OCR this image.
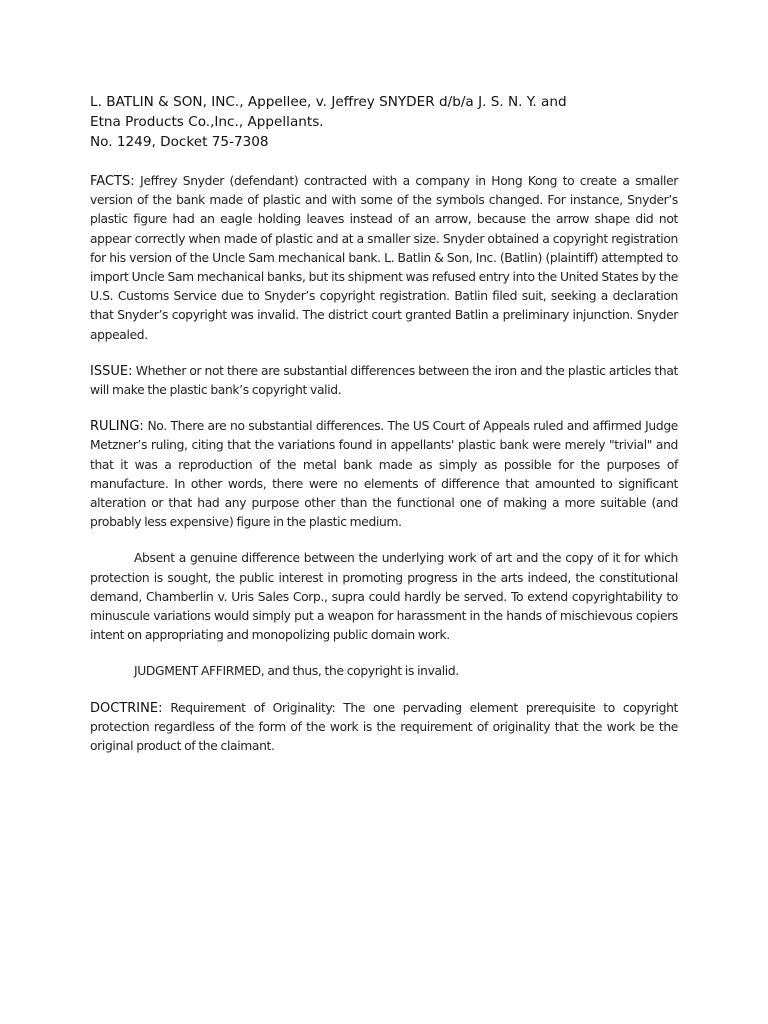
L. BATLIN & SON, INC., Appellee, v. Jeffrey SNYDER d/b/a J. S. N. Y. and
Etna Products Co.,Inc., Appellants.
No. 1249, Docket 75-7308

FACTS: Jeffrey Snyder (defendant) contracted with a company in Hong Kong to create a smaller version of the bank made of plastic and with some of the symbols changed. For instance, Snyder’s plastic figure had an eagle holding leaves instead of an arrow, because the arrow shape did not appear correctly when made of plastic and at a smaller size. Snyder obtained a copyright registration for his version of the Uncle Sam mechanical bank. L. Batlin & Son, Inc. (Batlin) (plaintiff) attempted to import Uncle Sam mechanical banks, but its shipment was refused entry into the United States by the U.S. Customs Service due to Snyder’s copyright registration. Batlin filed suit, seeking a declaration that Snyder’s copyright was invalid. The district court granted Batlin a preliminary injunction. Snyder appealed.

ISSUE: Whether or not there are substantial differences between the iron and the plastic articles that will make the plastic bank’s copyright valid.

RULING: No. There are no substantial differences. The US Court of Appeals ruled and affirmed Judge Metzner’s ruling, citing that the variations found in appellants' plastic bank were merely "trivial" and that it was a reproduction of the metal bank made as simply as possible for the purposes of manufacture. In other words, there were no elements of difference that amounted to significant alteration or that had any purpose other than the functional one of making a more suitable (and probably less expensive) figure in the plastic medium.

Absent a genuine difference between the underlying work of art and the copy of it for which protection is sought, the public interest in promoting progress in the arts indeed, the constitutional demand, Chamberlin v. Uris Sales Corp., supra could hardly be served. To extend copyrightability to minuscule variations would simply put a weapon for harassment in the hands of mischievous copiers intent on appropriating and monopolizing public domain work.

JUDGMENT AFFIRMED, and thus, the copyright is invalid.

DOCTRINE: Requirement of Originality: The one pervading element prerequisite to copyright protection regardless of the form of the work is the requirement of originality that the work be the original product of the claimant.
